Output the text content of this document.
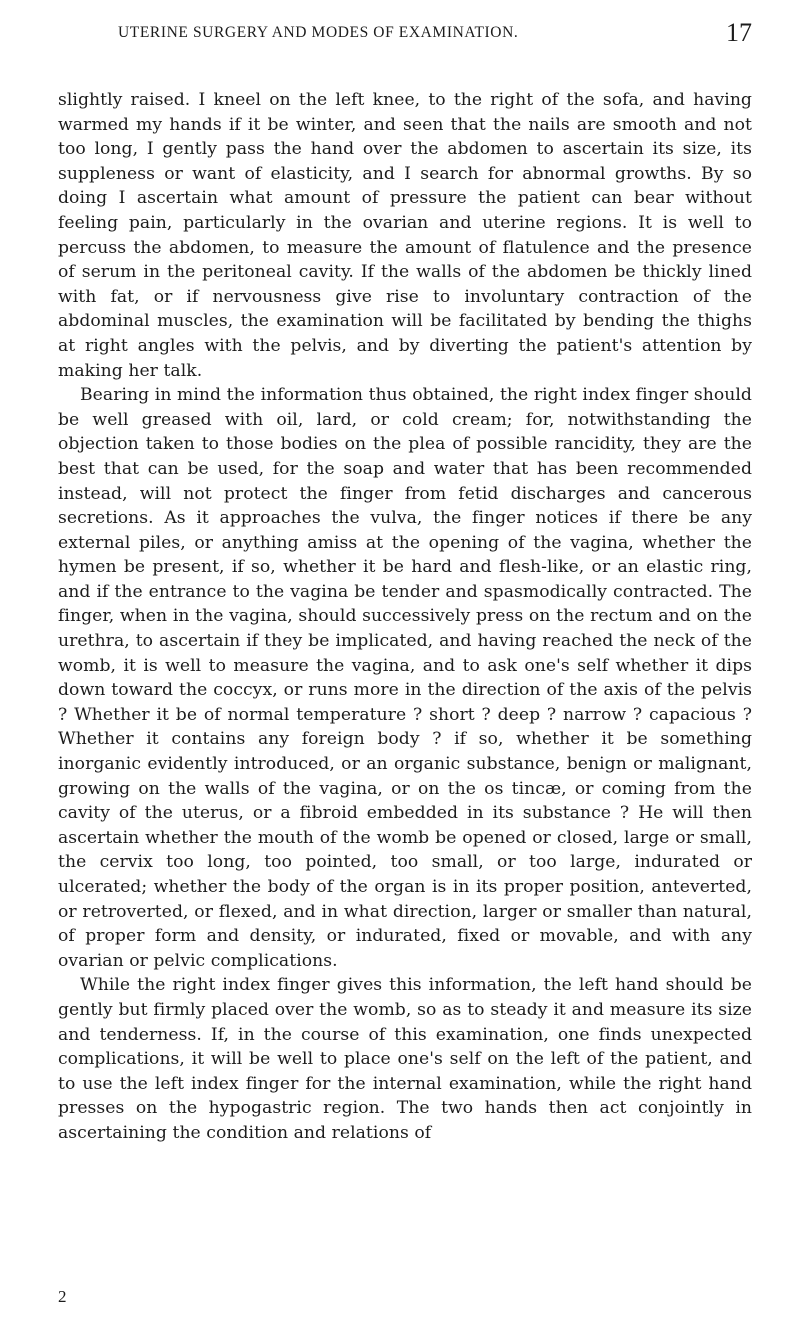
UTERINE SURGERY AND MODES OF EXAMINATION.	17

slightly raised. I kneel on the left knee, to the right of the sofa, and having warmed my hands if it be winter, and seen that the nails are smooth and not too long, I gently pass the hand over the abdomen to ascertain its size, its suppleness or want of elasticity, and I search for abnormal growths. By so doing I ascertain what amount of pressure the patient can bear without feeling pain, particularly in the ovarian and uterine regions. It is well to percuss the abdomen, to measure the amount of flatulence and the presence of serum in the peritoneal cavity. If the walls of the abdomen be thickly lined with fat, or if nervousness give rise to involuntary contraction of the abdominal muscles, the examination will be facilitated by bending the thighs at right angles with the pelvis, and by diverting the patient's attention by making her talk.

Bearing in mind the information thus obtained, the right index finger should be well greased with oil, lard, or cold cream; for, notwithstanding the objection taken to those bodies on the plea of possible rancidity, they are the best that can be used, for the soap and water that has been recommended instead, will not protect the finger from fetid discharges and cancerous secretions. As it approaches the vulva, the finger notices if there be any external piles, or anything amiss at the opening of the vagina, whether the hymen be present, if so, whether it be hard and flesh-like, or an elastic ring, and if the entrance to the vagina be tender and spasmodically contracted. The finger, when in the vagina, should successively press on the rectum and on the urethra, to ascertain if they be implicated, and having reached the neck of the womb, it is well to measure the vagina, and to ask one's self whether it dips down toward the coccyx, or runs more in the direction of the axis of the pelvis ? Whether it be of normal temperature ? short ? deep ? narrow ? capacious ? Whether it contains any foreign body ? if so, whether it be something inorganic evidently introduced, or an organic substance, benign or malignant, growing on the walls of the vagina, or on the os tincæ, or coming from the cavity of the uterus, or a fibroid embedded in its substance ? He will then ascertain whether the mouth of the womb be opened or closed, large or small, the cervix too long, too pointed, too small, or too large, indurated or ulcerated; whether the body of the organ is in its proper position, anteverted, or retroverted, or flexed, and in what direction, larger or smaller than natural, of proper form and density, or indurated, fixed or movable, and with any ovarian or pelvic complications.

While the right index finger gives this information, the left hand should be gently but firmly placed over the womb, so as to steady it and measure its size and tenderness. If, in the course of this examination, one finds unexpected complications, it will be well to place one's self on the left of the patient, and to use the left index finger for the internal examination, while the right hand presses on the hypogastric region. The two hands then act conjointly in ascertaining the condition and relations of

2
